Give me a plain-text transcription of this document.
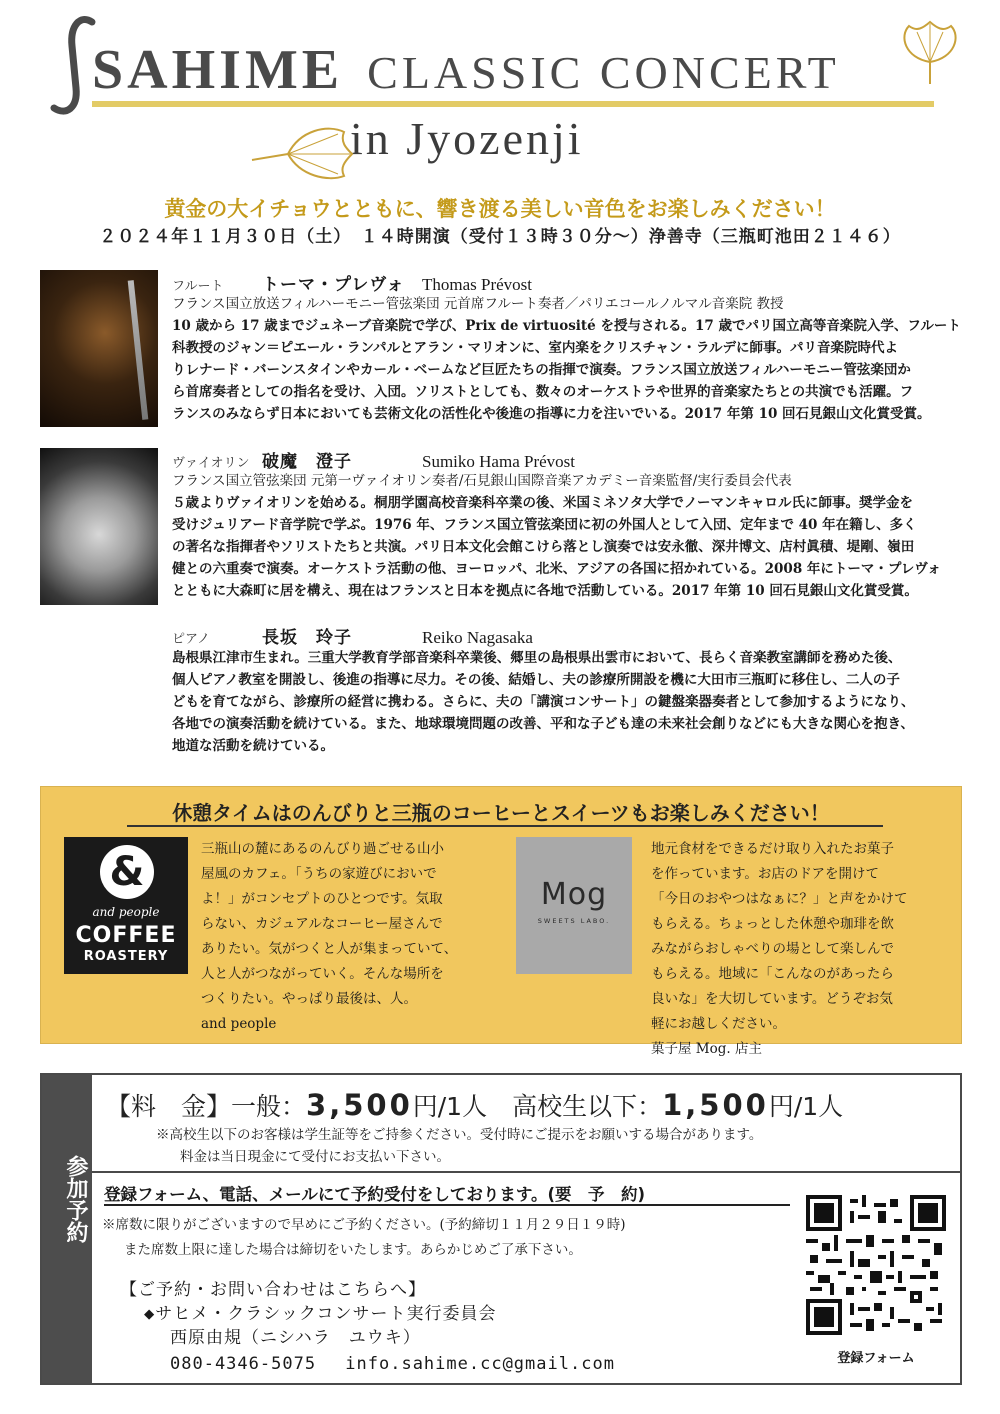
SAHIME CLASSIC CONCERT
in Jyozenji
黄金の大イチョウとともに、響き渡る美しい音色をお楽しみください！
２０２４年１１月３０日（土）　１４時開演（受付１３時３０分〜）浄善寺（三瓶町池田２１４６）
フルート	トーマ・プレヴォ	Thomas Prévost
フランス国立放送フィルハーモニー管弦楽団 元首席フルート奏者／パリエコールノルマル音楽院 教授
10 歳から 17 歳までジュネーブ音楽院で学び、Prix de virtuosité を授与される。17 歳でパリ国立高等音楽院入学、フルート
科教授のジャン＝ピエール・ランパルとアラン・マリオンに、室内楽をクリスチャン・ラルデに師事。パリ音楽院時代よ
りレナード・バーンスタインやカール・ベームなど巨匠たちの指揮で演奏。フランス国立放送フィルハーモニー管弦楽団か
ら首席奏者としての指名を受け、入団。ソリストとしても、数々のオーケストラや世界的音楽家たちとの共演でも活躍。フ
ランスのみならず日本においても芸術文化の活性化や後進の指導に力を注いでいる。2017 年第 10 回石見銀山文化賞受賞。
ヴァイオリン 破魔　澄子	Sumiko Hama Prévost
フランス国立管弦楽団 元第一ヴァイオリン奏者/石見銀山国際音楽アカデミー音楽監督/実行委員会代表
５歳よりヴァイオリンを始める。桐朋学園高校音楽科卒業の後、米国ミネソタ大学でノーマンキャロル氏に師事。奨学金を
受けジュリアード音学院で学ぶ。1976 年、フランス国立管弦楽団に初の外国人として入団、定年まで 40 年在籍し、多く
の著名な指揮者やソリストたちと共演。パリ日本文化会館こけら落とし演奏では安永徹、深井博文、店村眞積、堤剛、嶺田
健との六重奏で演奏。オーケストラ活動の他、ヨーロッパ、北米、アジアの各国に招かれている。2008 年にトーマ・プレヴォ
とともに大森町に居を構え、現在はフランスと日本を拠点に各地で活動している。2017 年第 10 回石見銀山文化賞受賞。
ピアノ	長坂　玲子	Reiko Nagasaka
島根県江津市生まれ。三重大学教育学部音楽科卒業後、郷里の島根県出雲市において、長らく音楽教室講師を務めた後、
個人ピアノ教室を開設し、後進の指導に尽力。その後、結婚し、夫の診療所開設を機に大田市三瓶町に移住し、二人の子
どもを育てながら、診療所の経営に携わる。さらに、夫の「講演コンサート」の鍵盤楽器奏者として参加するようになり、
各地での演奏活動を続けている。また、地球環境問題の改善、平和な子ども達の未来社会創りなどにも大きな関心を抱き、
地道な活動を続けている。
休憩タイムはのんびりと三瓶のコーヒーとスイーツもお楽しみください！
&
and people
COFFEE
ROASTERY
三瓶山の麓にあるのんびり過ごせる山小
屋風のカフェ。「うちの家遊びにおいで
よ！」がコンセプトのひとつです。気取
らない、カジュアルなコーヒー屋さんで
ありたい。気がつくと人が集まっていて、
人と人がつながっていく。そんな場所を
つくりたい。やっぱり最後は、人。
and people
Mog
SWEETS LABO.
地元食材をできるだけ取り入れたお菓子
を作っています。お店のドアを開けて
「今日のおやつはなぁに？」と声をかけて
もらえる。ちょっとした休憩や珈琲を飲
みながらおしゃべりの場として楽しんで
もらえる。地域に「こんなのがあったら
良いな」を大切しています。どうぞお気
軽にお越しください。
菓子屋 Mog. 店主
参加予約
【料　金】一般：3,500円/1人　高校生以下：1,500円/1人
※高校生以下のお客様は学生証等をご持参ください。受付時にご提示をお願いする場合があります。
料金は当日現金にて受付にお支払い下さい。
登録フォーム、電話、メールにて予約受付をしております。(要　予　約)
※席数に限りがございますので早めにご予約ください。(予約締切１１月２９日１９時)
また席数上限に達した場合は締切をいたします。あらかじめご了承下さい。
【ご予約・お問い合わせはこちらへ】
◆サヒメ・クラシックコンサート実行委員会
西原由規（ニシハラ　ユウキ）
080-4346-5075　 info.sahime.cc@gmail.com	登録フォーム
